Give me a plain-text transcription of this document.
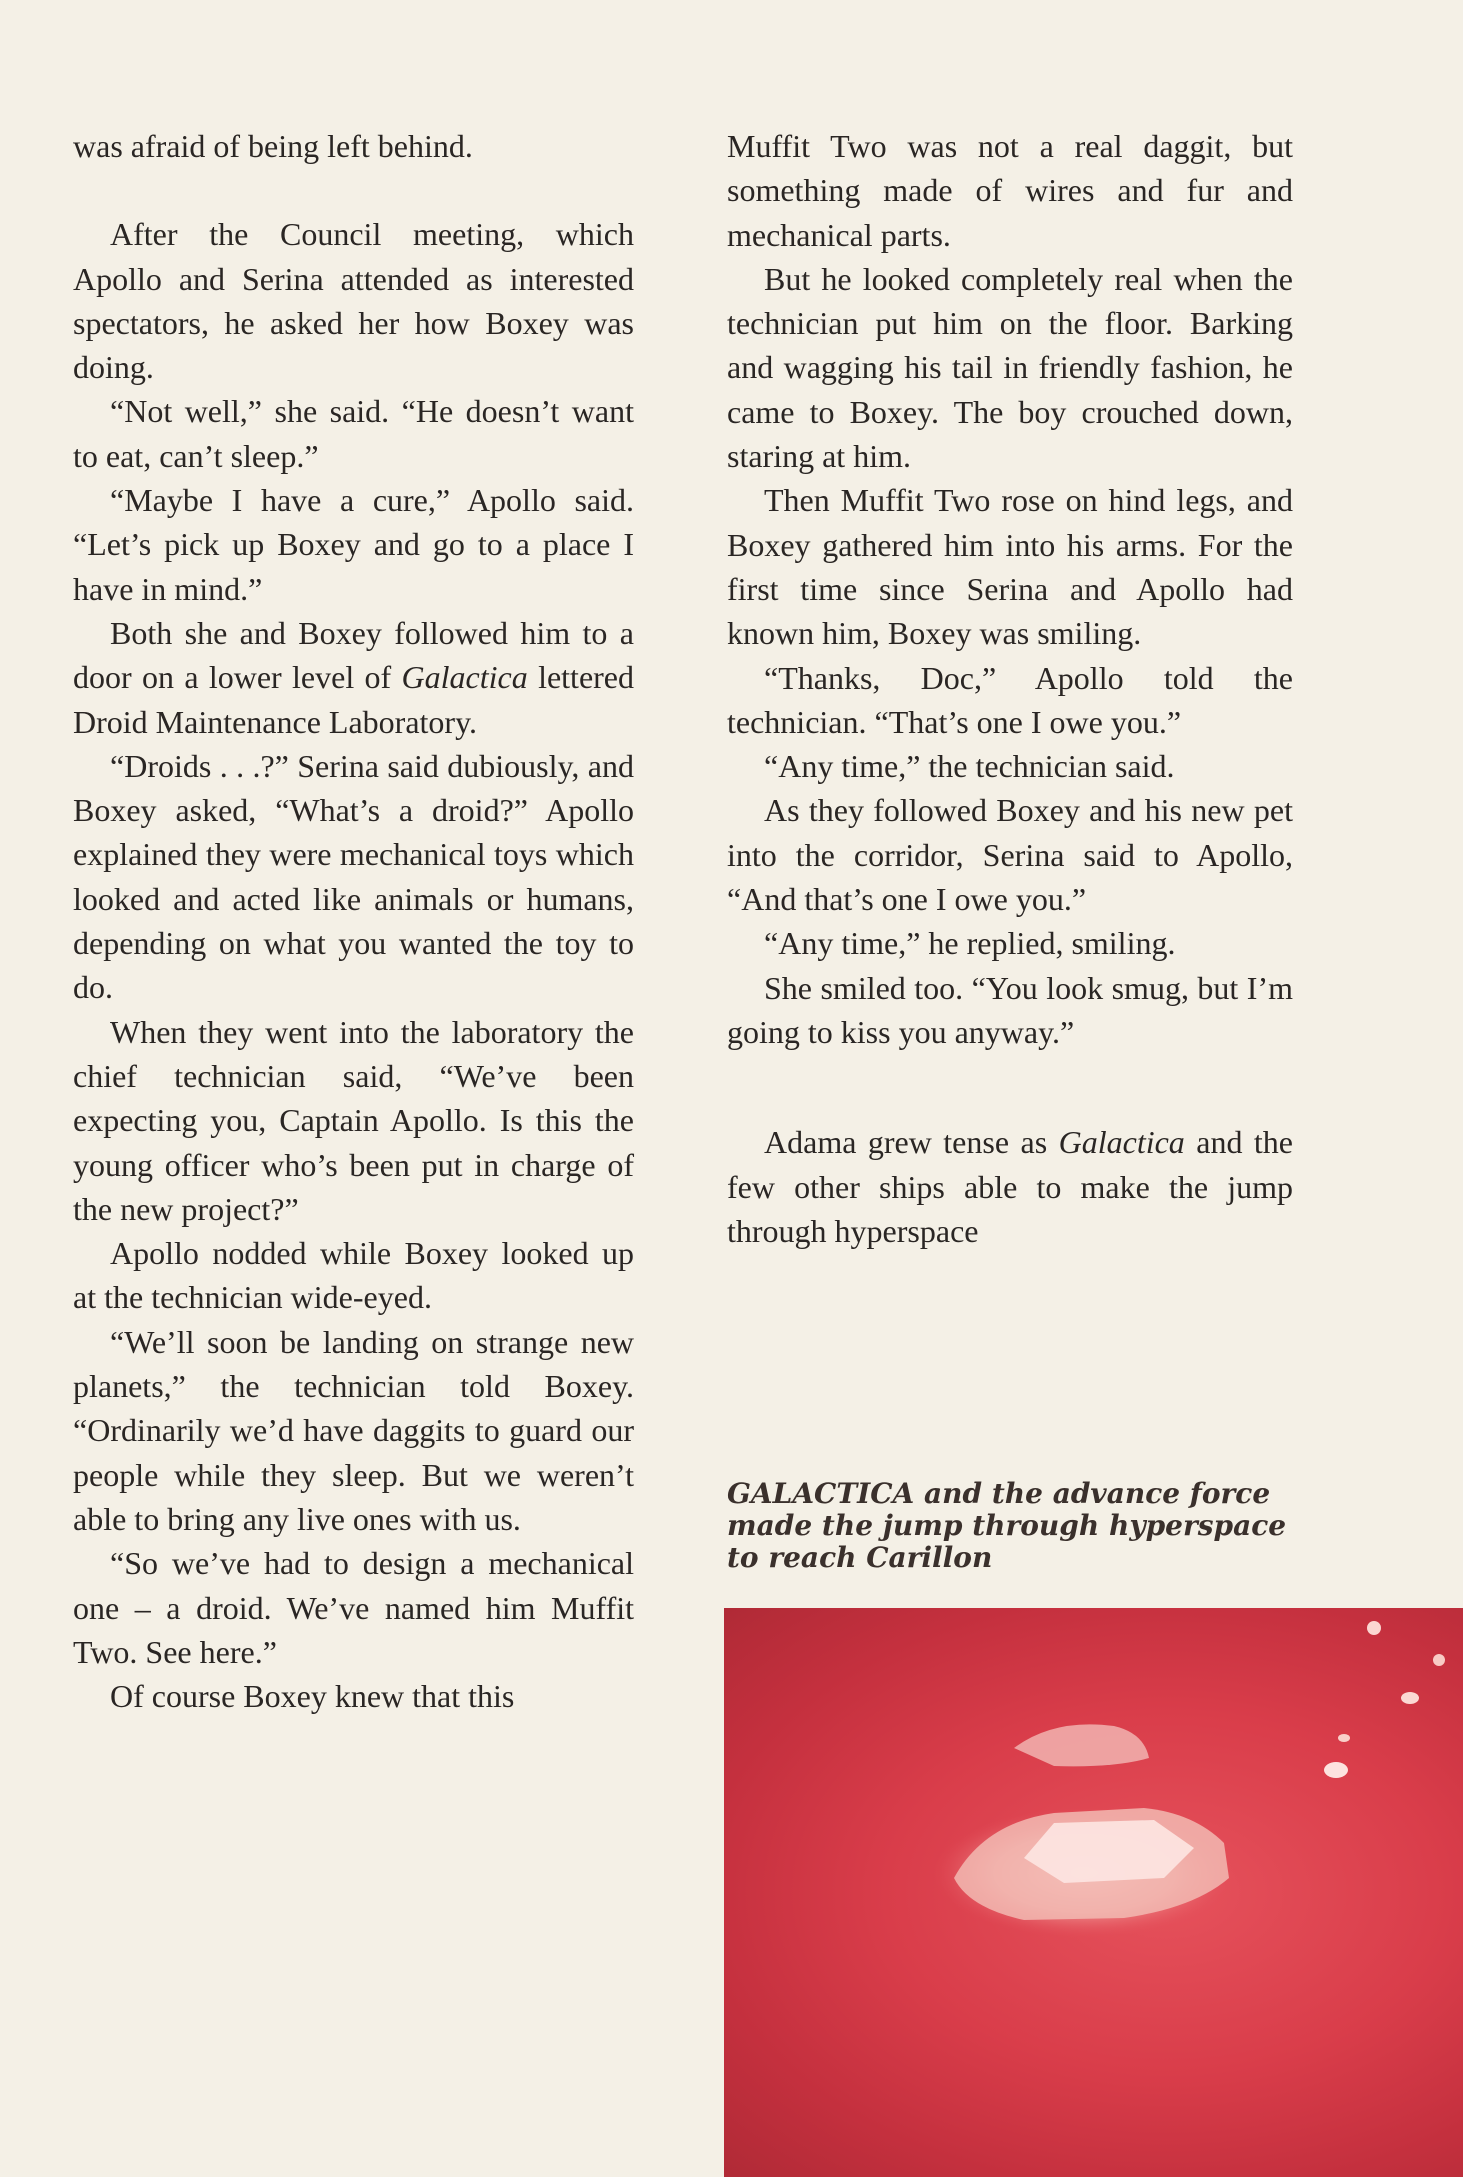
was afraid of being left behind.

After the Council meeting, which Apollo and Serina attended as interested spectators, he asked her how Boxey was doing.

“Not well,” she said. “He doesn’t want to eat, can’t sleep.”

“Maybe I have a cure,” Apollo said. “Let’s pick up Boxey and go to a place I have in mind.”

Both she and Boxey followed him to a door on a lower level of Galactica lettered Droid Maintenance Laboratory.

“Droids . . .?” Serina said dubiously, and Boxey asked, “What’s a droid?” Apollo explained they were mechanical toys which looked and acted like animals or humans, depending on what you wanted the toy to do.

When they went into the laboratory the chief technician said, “We’ve been expecting you, Captain Apollo. Is this the young officer who’s been put in charge of the new project?”

Apollo nodded while Boxey looked up at the technician wide-eyed.

“We’ll soon be landing on strange new planets,” the technician told Boxey. “Ordinarily we’d have daggits to guard our people while they sleep. But we weren’t able to bring any live ones with us.

“So we’ve had to design a mechanical one – a droid. We’ve named him Muffit Two. See here.”

Of course Boxey knew that this

Muffit Two was not a real daggit, but something made of wires and fur and mechanical parts.

But he looked completely real when the technician put him on the floor. Barking and wagging his tail in friendly fashion, he came to Boxey. The boy crouched down, staring at him.

Then Muffit Two rose on hind legs, and Boxey gathered him into his arms. For the first time since Serina and Apollo had known him, Boxey was smiling.

“Thanks, Doc,” Apollo told the technician. “That’s one I owe you.”

“Any time,” the technician said.

As they followed Boxey and his new pet into the corridor, Serina said to Apollo, “And that’s one I owe you.”

“Any time,” he replied, smiling.

She smiled too. “You look smug, but I’m going to kiss you anyway.”

Adama grew tense as Galactica and the few other ships able to make the jump through hyperspace

GALACTICA and the advance force made the jump through hyperspace to reach Carillon
